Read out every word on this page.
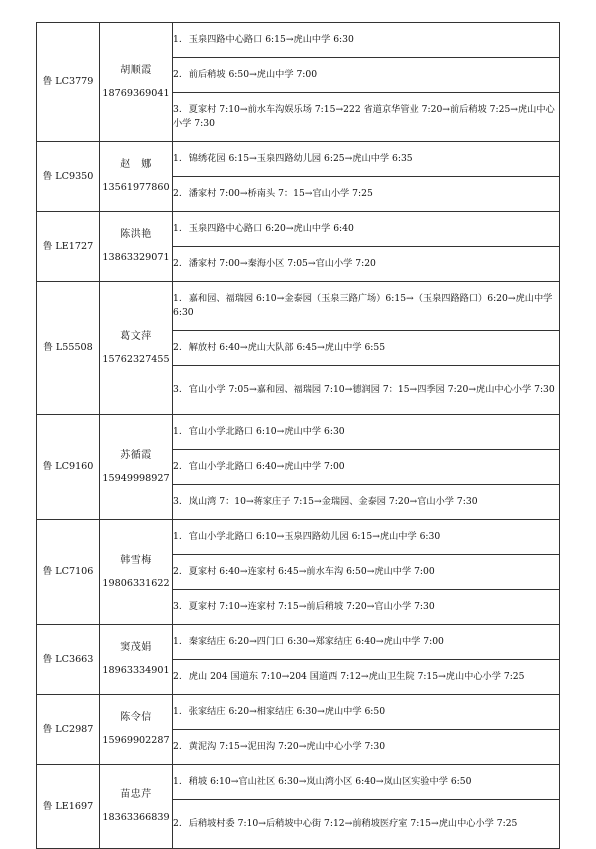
鲁 LC3779	胡顺霞
18769369041	1. 玉泉四路中心路口 6:15→虎山中学 6:30
		2. 前后稍坡 6:50→虎山中学 7:00
		3. 夏家村 7:10→前水车沟娱乐场 7:15→222 省道京华管业 7:20→前后稍坡 7:25→虎山中心小学 7:30
鲁 LC9350	赵　娜
13561977860	1. 锦绣花园 6:15→玉泉四路幼儿园 6:25→虎山中学 6:35
		2. 潘家村 7:00→桥南头 7：15→官山小学 7:25
鲁 LE1727	陈洪艳
13863329071	1. 玉泉四路中心路口 6:20→虎山中学 6:40
		2. 潘家村 7:00→秦海小区 7:05→官山小学 7:20
鲁 L55508	葛文萍
15762327455	1. 嘉和园、福瑞园 6:10→金泰园（玉泉三路广场）6:15→（玉泉四路路口）6:20→虎山中学 6:30
		2. 解放村 6:40→虎山大队部 6:45→虎山中学 6:55
		3. 官山小学 7:05→嘉和园、福瑞园 7:10→德润园 7：15→四季园 7:20→虎山中心小学 7:30
鲁 LC9160	苏循霞
15949998927	1. 官山小学北路口 6:10→虎山中学 6:30
		2. 官山小学北路口 6:40→虎山中学 7:00
		3. 岚山湾 7：10→蒋家庄子 7:15→金瑞园、金泰园 7:20→官山小学 7:30
鲁 LC7106	韩雪梅
19806331622	1. 官山小学北路口 6:10→玉泉四路幼儿园 6:15→虎山中学 6:30
		2. 夏家村 6:40→连家村 6:45→前水车沟 6:50→虎山中学 7:00
		3. 夏家村 7:10→连家村 7:15→前后稍坡 7:20→官山小学 7:30
鲁 LC3663	窦茂娟
18963334901	1. 秦家结庄 6:20→四门口 6:30→郑家结庄 6:40→虎山中学 7:00
		2. 虎山 204 国道东 7:10→204 国道西 7:12→虎山卫生院 7:15→虎山中心小学 7:25
鲁 LC2987	陈令信
15969902287	1. 张家结庄 6:20→相家结庄 6:30→虎山中学 6:50
		2. 黄泥沟 7:15→泥田沟 7:20→虎山中心小学 7:30
鲁 LE1697	苗忠芹
18363366839	1. 稍坡 6:10→官山社区 6:30→岚山湾小区 6:40→岚山区实验中学 6:50
		2. 后稍坡村委 7:10→后稍坡中心街 7:12→前稍坡医疗室 7:15→虎山中心小学 7:25
